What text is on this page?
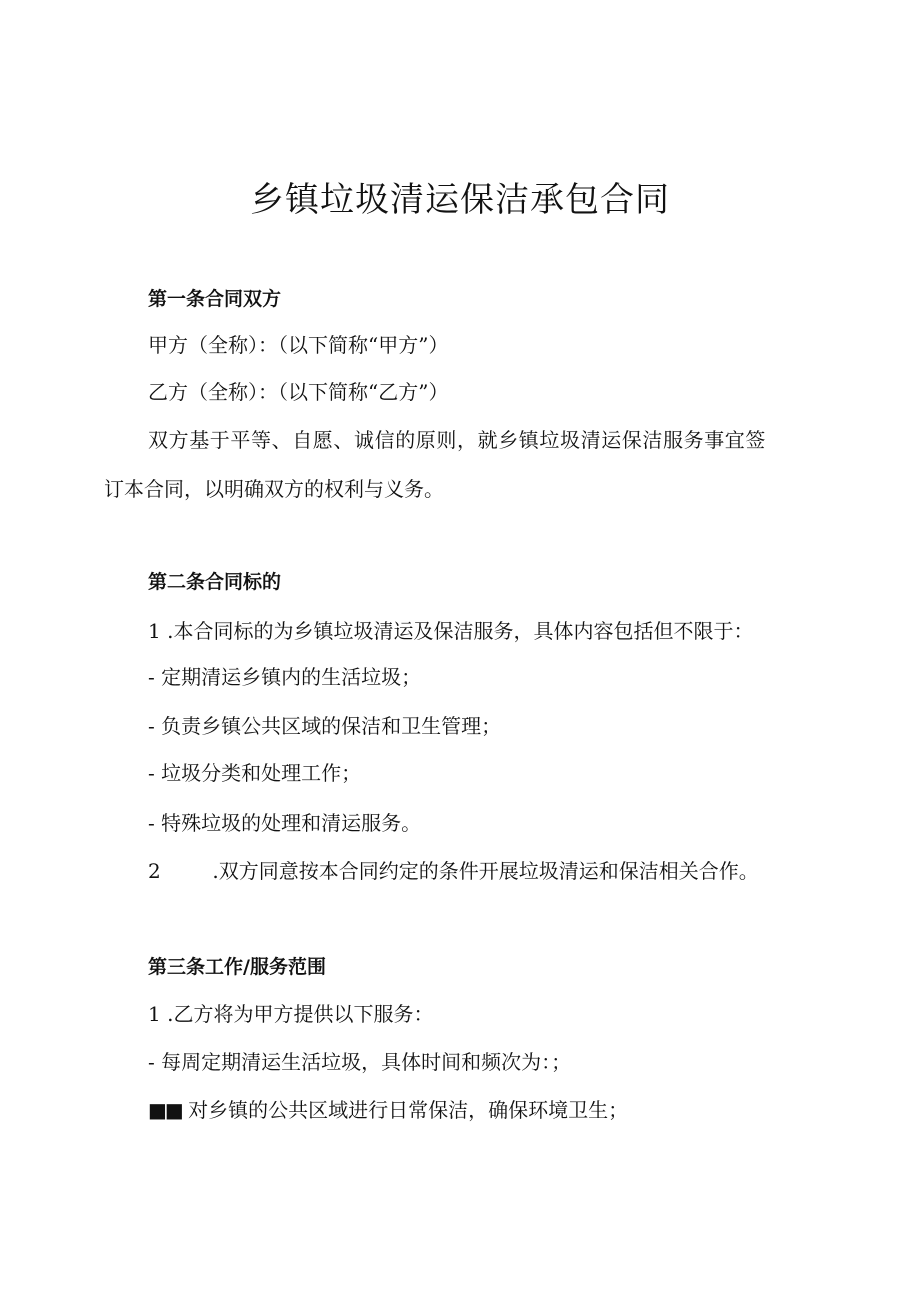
乡镇垃圾清运保洁承包合同

第一条合同双方

甲方（全称）：（以下简称“甲方”）

乙方（全称）：（以下简称“乙方”）

双方基于平等、自愿、诚信的原则，就乡镇垃圾清运保洁服务事宜签

订本合同，以明确双方的权利与义务。

第二条合同标的

1 .本合同标的为乡镇垃圾清运及保洁服务，具体内容包括但不限于：

- 定期清运乡镇内的生活垃圾；

- 负责乡镇公共区域的保洁和卫生管理；

- 垃圾分类和处理工作；

- 特殊垃圾的处理和清运服务。

2	.双方同意按本合同约定的条件开展垃圾清运和保洁相关合作。

第三条工作/服务范围

1 .乙方将为甲方提供以下服务：

- 每周定期清运生活垃圾，具体时间和频次为：；

■■ 对乡镇的公共区域进行日常保洁，确保环境卫生；
